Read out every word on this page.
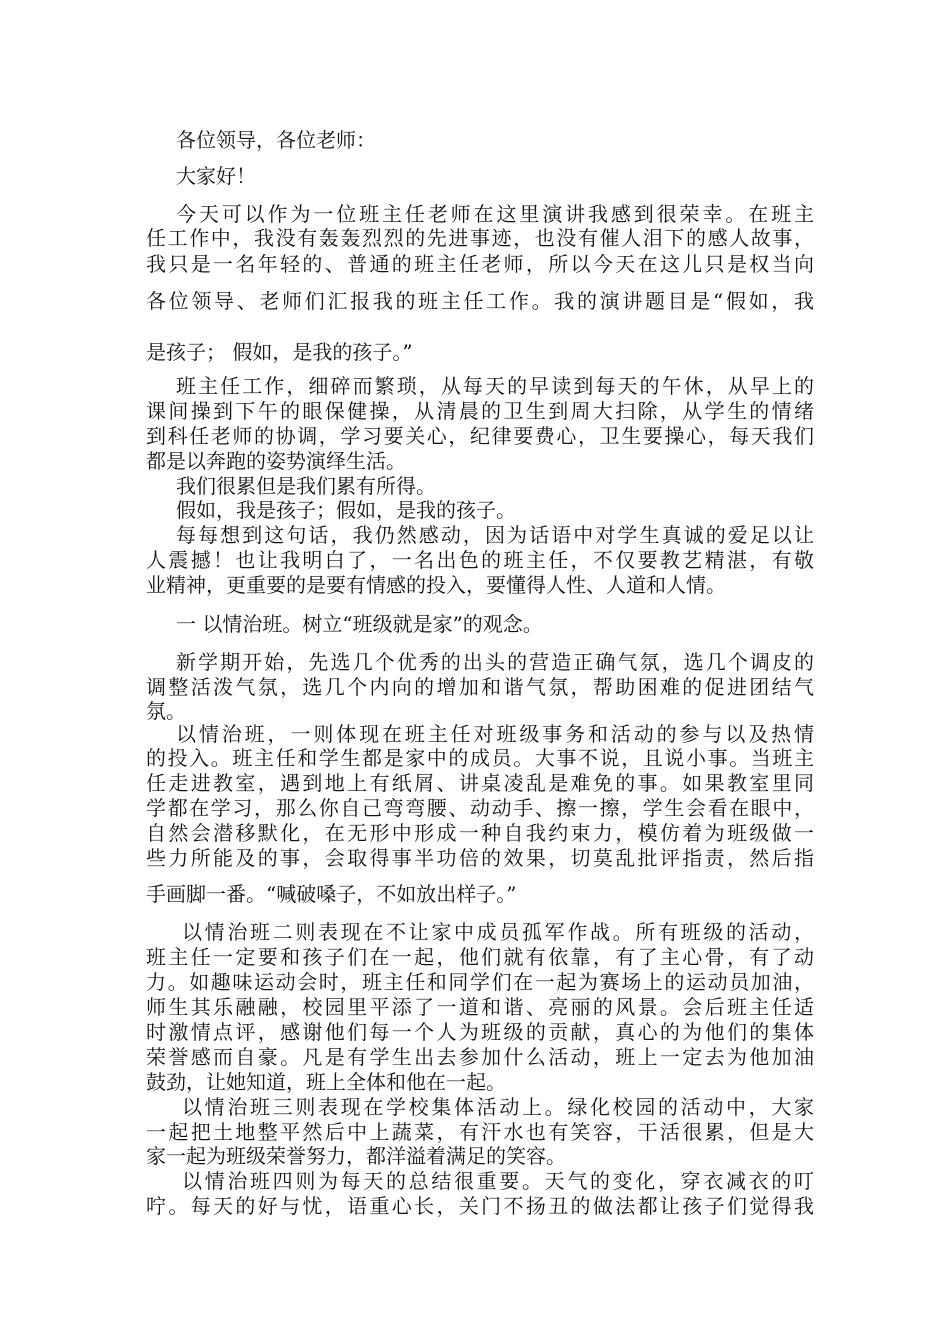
各位领导，各位老师：
大家好！
今天可以作为一位班主任老师在这里演讲我感到很荣幸。在班主
任工作中，我没有轰轰烈烈的先进事迹，也没有催人泪下的感人故事，
我只是一名年轻的、普通的班主任老师，所以今天在这儿只是权当向
各位领导、老师们汇报我的班主任工作。我的演讲题目是“假如，我
是孩子； 假如，是我的孩子。”
班主任工作，细碎而繁琐，从每天的早读到每天的午休，从早上的
课间操到下午的眼保健操，从清晨的卫生到周大扫除，从学生的情绪
到科任老师的协调，学习要关心，纪律要费心，卫生要操心，每天我们
都是以奔跑的姿势演绎生活。
我们很累但是我们累有所得。
假如，我是孩子；假如，是我的孩子。
每每想到这句话，我仍然感动，因为话语中对学生真诚的爱足以让
人震撼！也让我明白了，一名出色的班主任，不仅要教艺精湛，有敬
业精神，更重要的是要有情感的投入，要懂得人性、人道和人情。
一 以情治班。树立“班级就是家”的观念。
新学期开始，先选几个优秀的出头的营造正确气氛，选几个调皮的
调整活泼气氛，选几个内向的增加和谐气氛，帮助困难的促进团结气
氛。
以情治班，一则体现在班主任对班级事务和活动的参与以及热情
的投入。班主任和学生都是家中的成员。大事不说，且说小事。当班主
任走进教室，遇到地上有纸屑、讲桌凌乱是难免的事。如果教室里同
学都在学习，那么你自己弯弯腰、动动手、擦一擦，学生会看在眼中，
自然会潜移默化，在无形中形成一种自我约束力，模仿着为班级做一
些力所能及的事，会取得事半功倍的效果，切莫乱批评指责，然后指
手画脚一番。“喊破嗓子，不如放出样子。”
以情治班二则表现在不让家中成员孤军作战。所有班级的活动，
班主任一定要和孩子们在一起，他们就有依靠，有了主心骨，有了动
力。如趣味运动会时，班主任和同学们在一起为赛场上的运动员加油，
师生其乐融融，校园里平添了一道和谐、亮丽的风景。会后班主任适
时激情点评，感谢他们每一个人为班级的贡献，真心的为他们的集体
荣誉感而自豪。凡是有学生出去参加什么活动，班上一定去为他加油
鼓劲，让她知道，班上全体和他在一起。
以情治班三则表现在学校集体活动上。绿化校园的活动中，大家
一起把土地整平然后中上蔬菜，有汗水也有笑容，干活很累，但是大
家一起为班级荣誉努力，都洋溢着满足的笑容。
以情治班四则为每天的总结很重要。天气的变化，穿衣减衣的叮
咛。每天的好与忧，语重心长，关门不扬丑的做法都让孩子们觉得我
